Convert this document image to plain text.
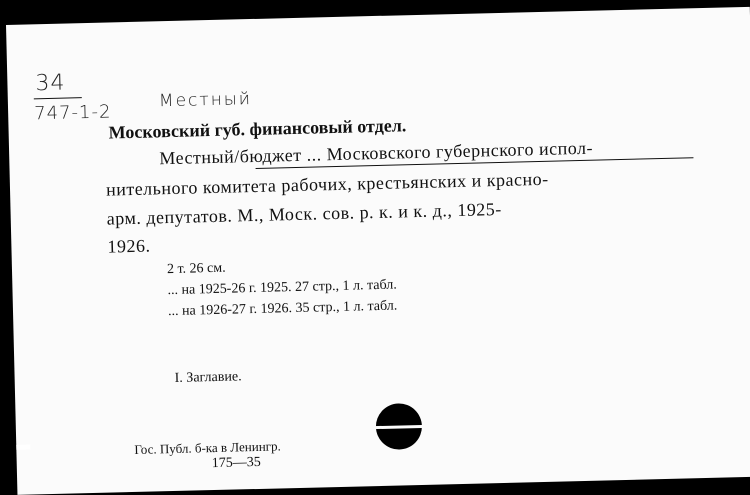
34
747-1-2
Местный
Московский губ. финансовый отдел.
Местный/бюджет ... Московского губернского испол-
нительного комитета рабочих, крестьянских и красно-
арм. депутатов. М., Моск. сов. р. к. и к. д., 1925-
1926.
2 т. 26 см.
... на 1925-26 г. 1925. 27 стр., 1 л. табл.
... на 1926-27 г. 1926. 35 стр., 1 л. табл.
I. Заглавие.
Гос. Публ. б-ка в Ленингр.
175—35
